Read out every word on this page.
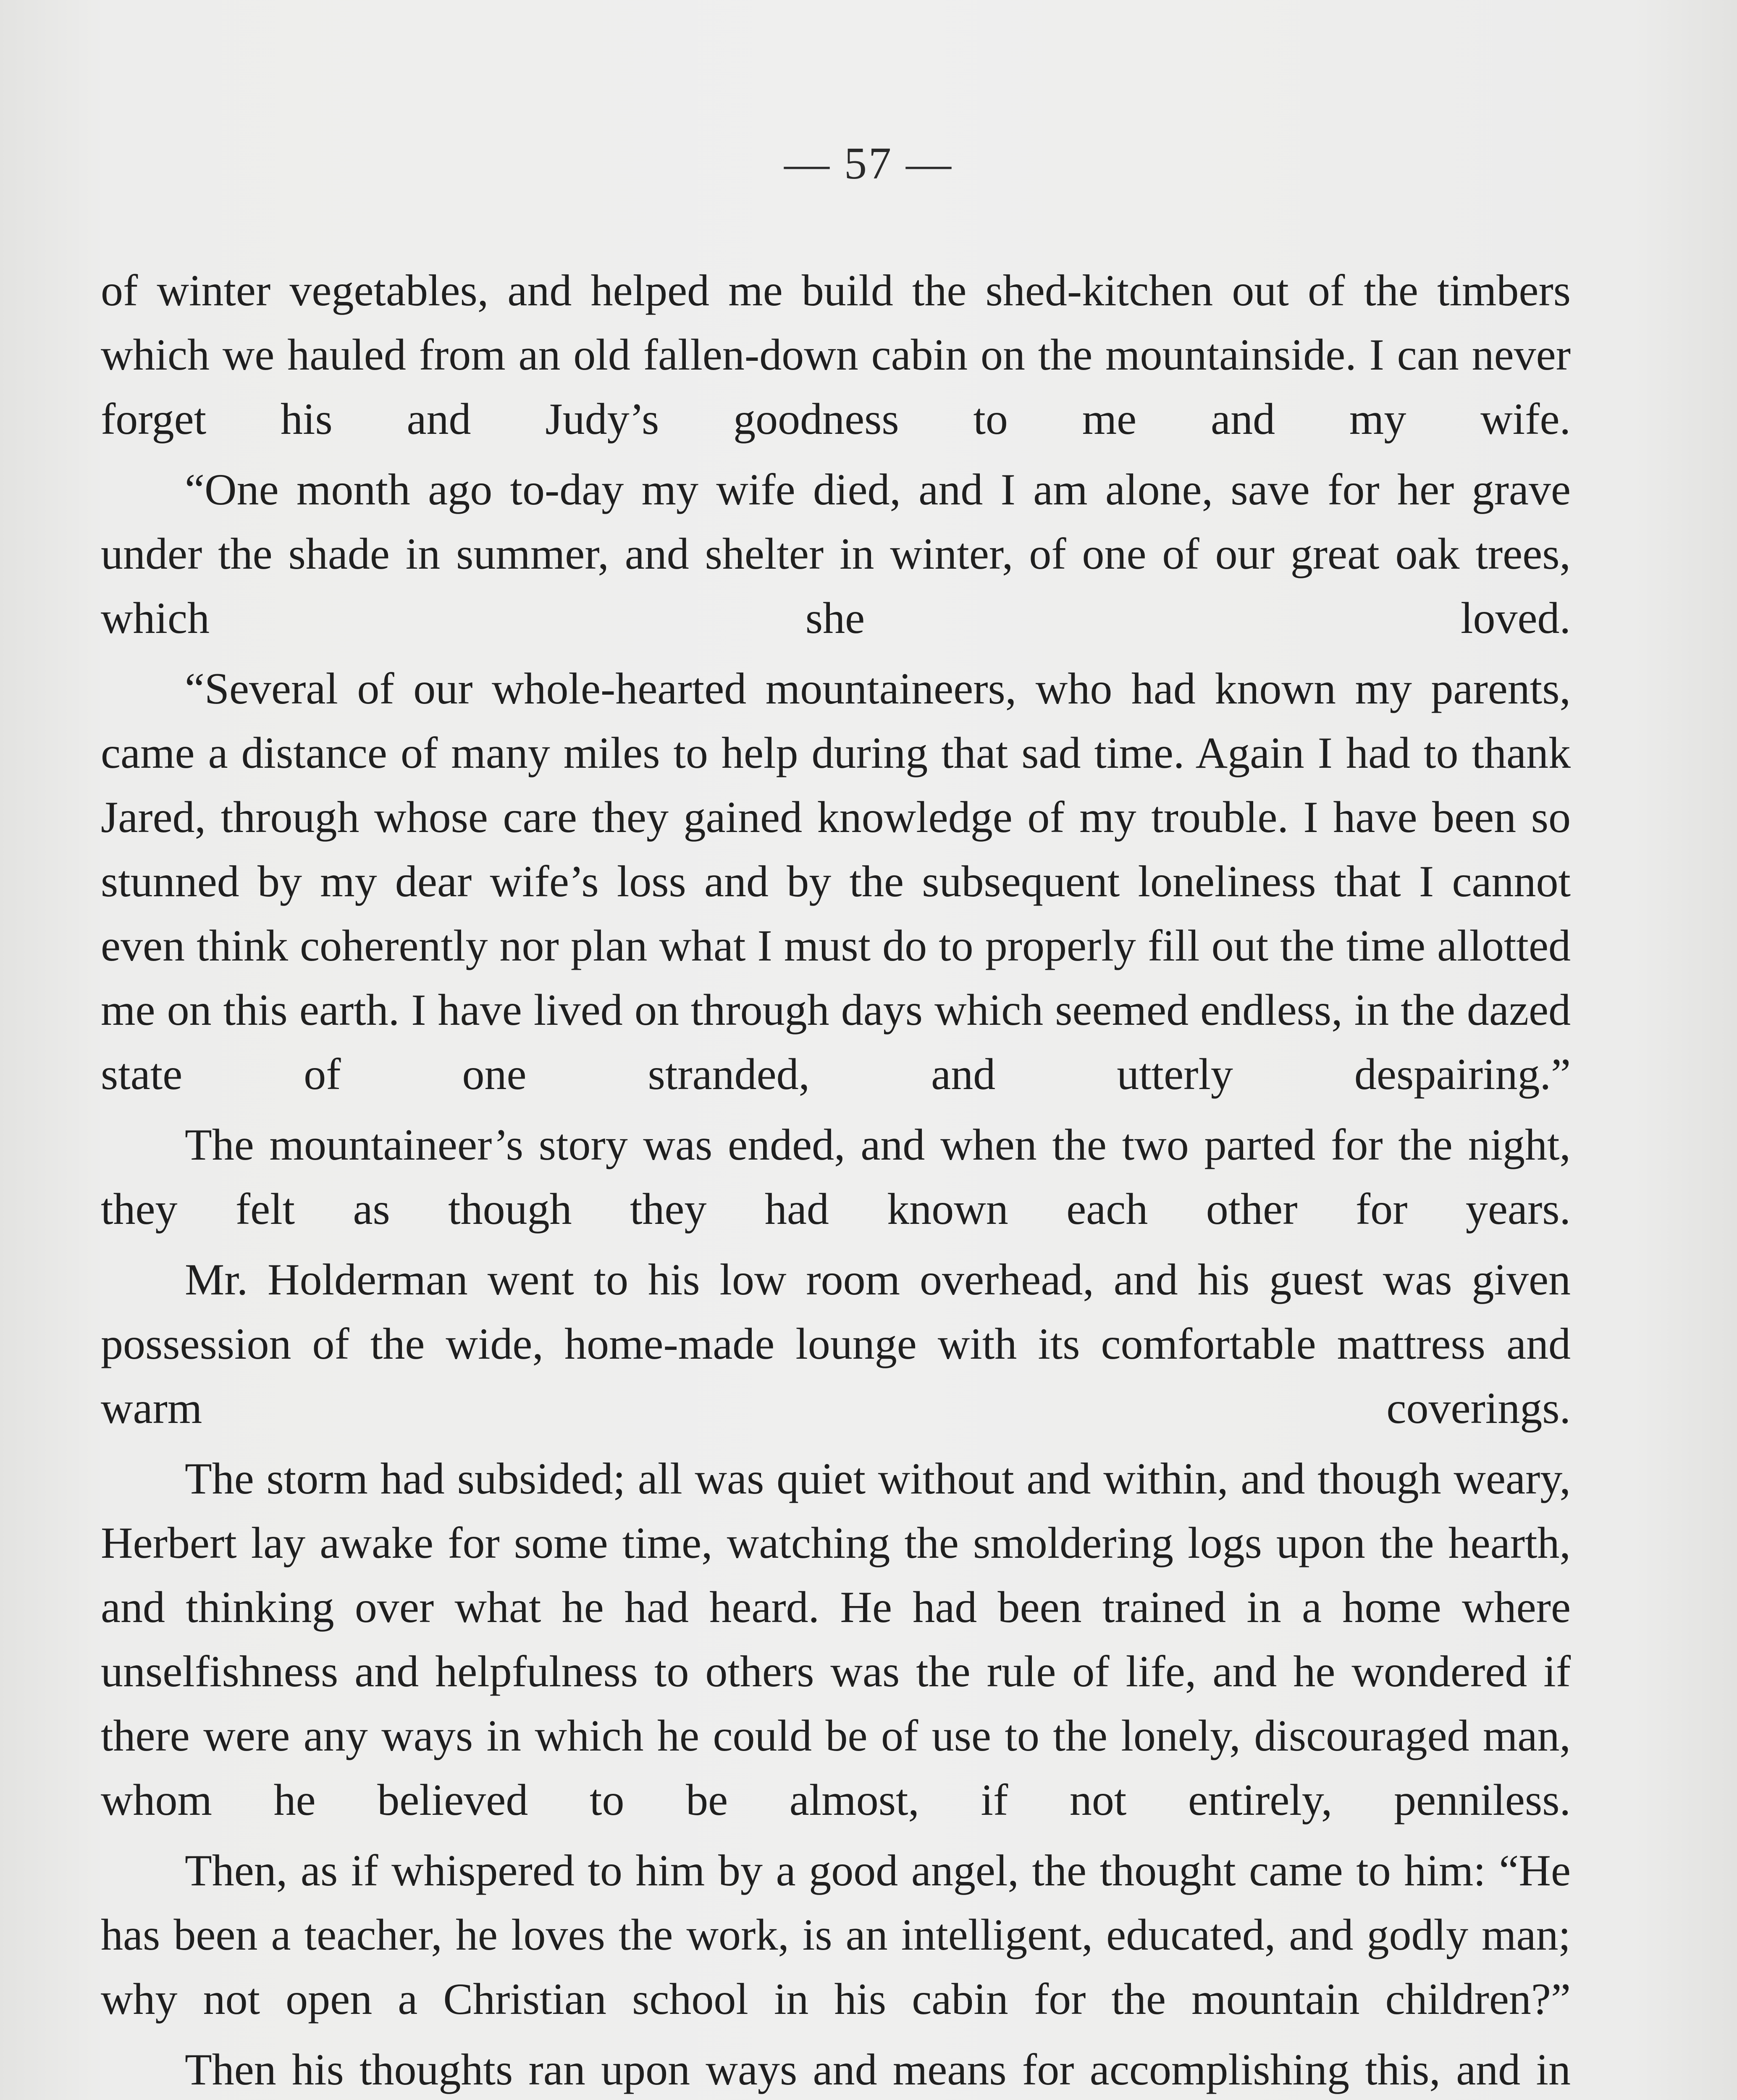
— 57 —

of winter vegetables, and helped me build the shed-kitchen out of the timbers which we hauled from an old fallen-down cabin on the mountainside. I can never forget his and Judy’s goodness to me and my wife.

“One month ago to-day my wife died, and I am alone, save for her grave under the shade in summer, and shelter in winter, of one of our great oak trees, which she loved.

“Several of our whole-hearted mountaineers, who had known my parents, came a distance of many miles to help during that sad time. Again I had to thank Jared, through whose care they gained knowledge of my trouble. I have been so stunned by my dear wife’s loss and by the subsequent loneliness that I cannot even think coherently nor plan what I must do to properly fill out the time allotted me on this earth. I have lived on through days which seemed endless, in the dazed state of one stranded, and utterly despairing.”

The mountaineer’s story was ended, and when the two parted for the night, they felt as though they had known each other for years.

Mr. Holderman went to his low room overhead, and his guest was given possession of the wide, home-made lounge with its comfortable mattress and warm coverings.

The storm had subsided; all was quiet without and within, and though weary, Herbert lay awake for some time, watching the smoldering logs upon the hearth, and thinking over what he had heard. He had been trained in a home where unselfishness and helpfulness to others was the rule of life, and he wondered if there were any ways in which he could be of use to the lonely, discouraged man, whom he believed to be almost, if not entirely, penniless.

Then, as if whispered to him by a good angel, the thought came to him: “He has been a teacher, he loves the work, is an intelligent, educated, and godly man; why not open a Christian school in his cabin for the mountain children?”

Then his thoughts ran upon ways and means for accomplishing this, and in
